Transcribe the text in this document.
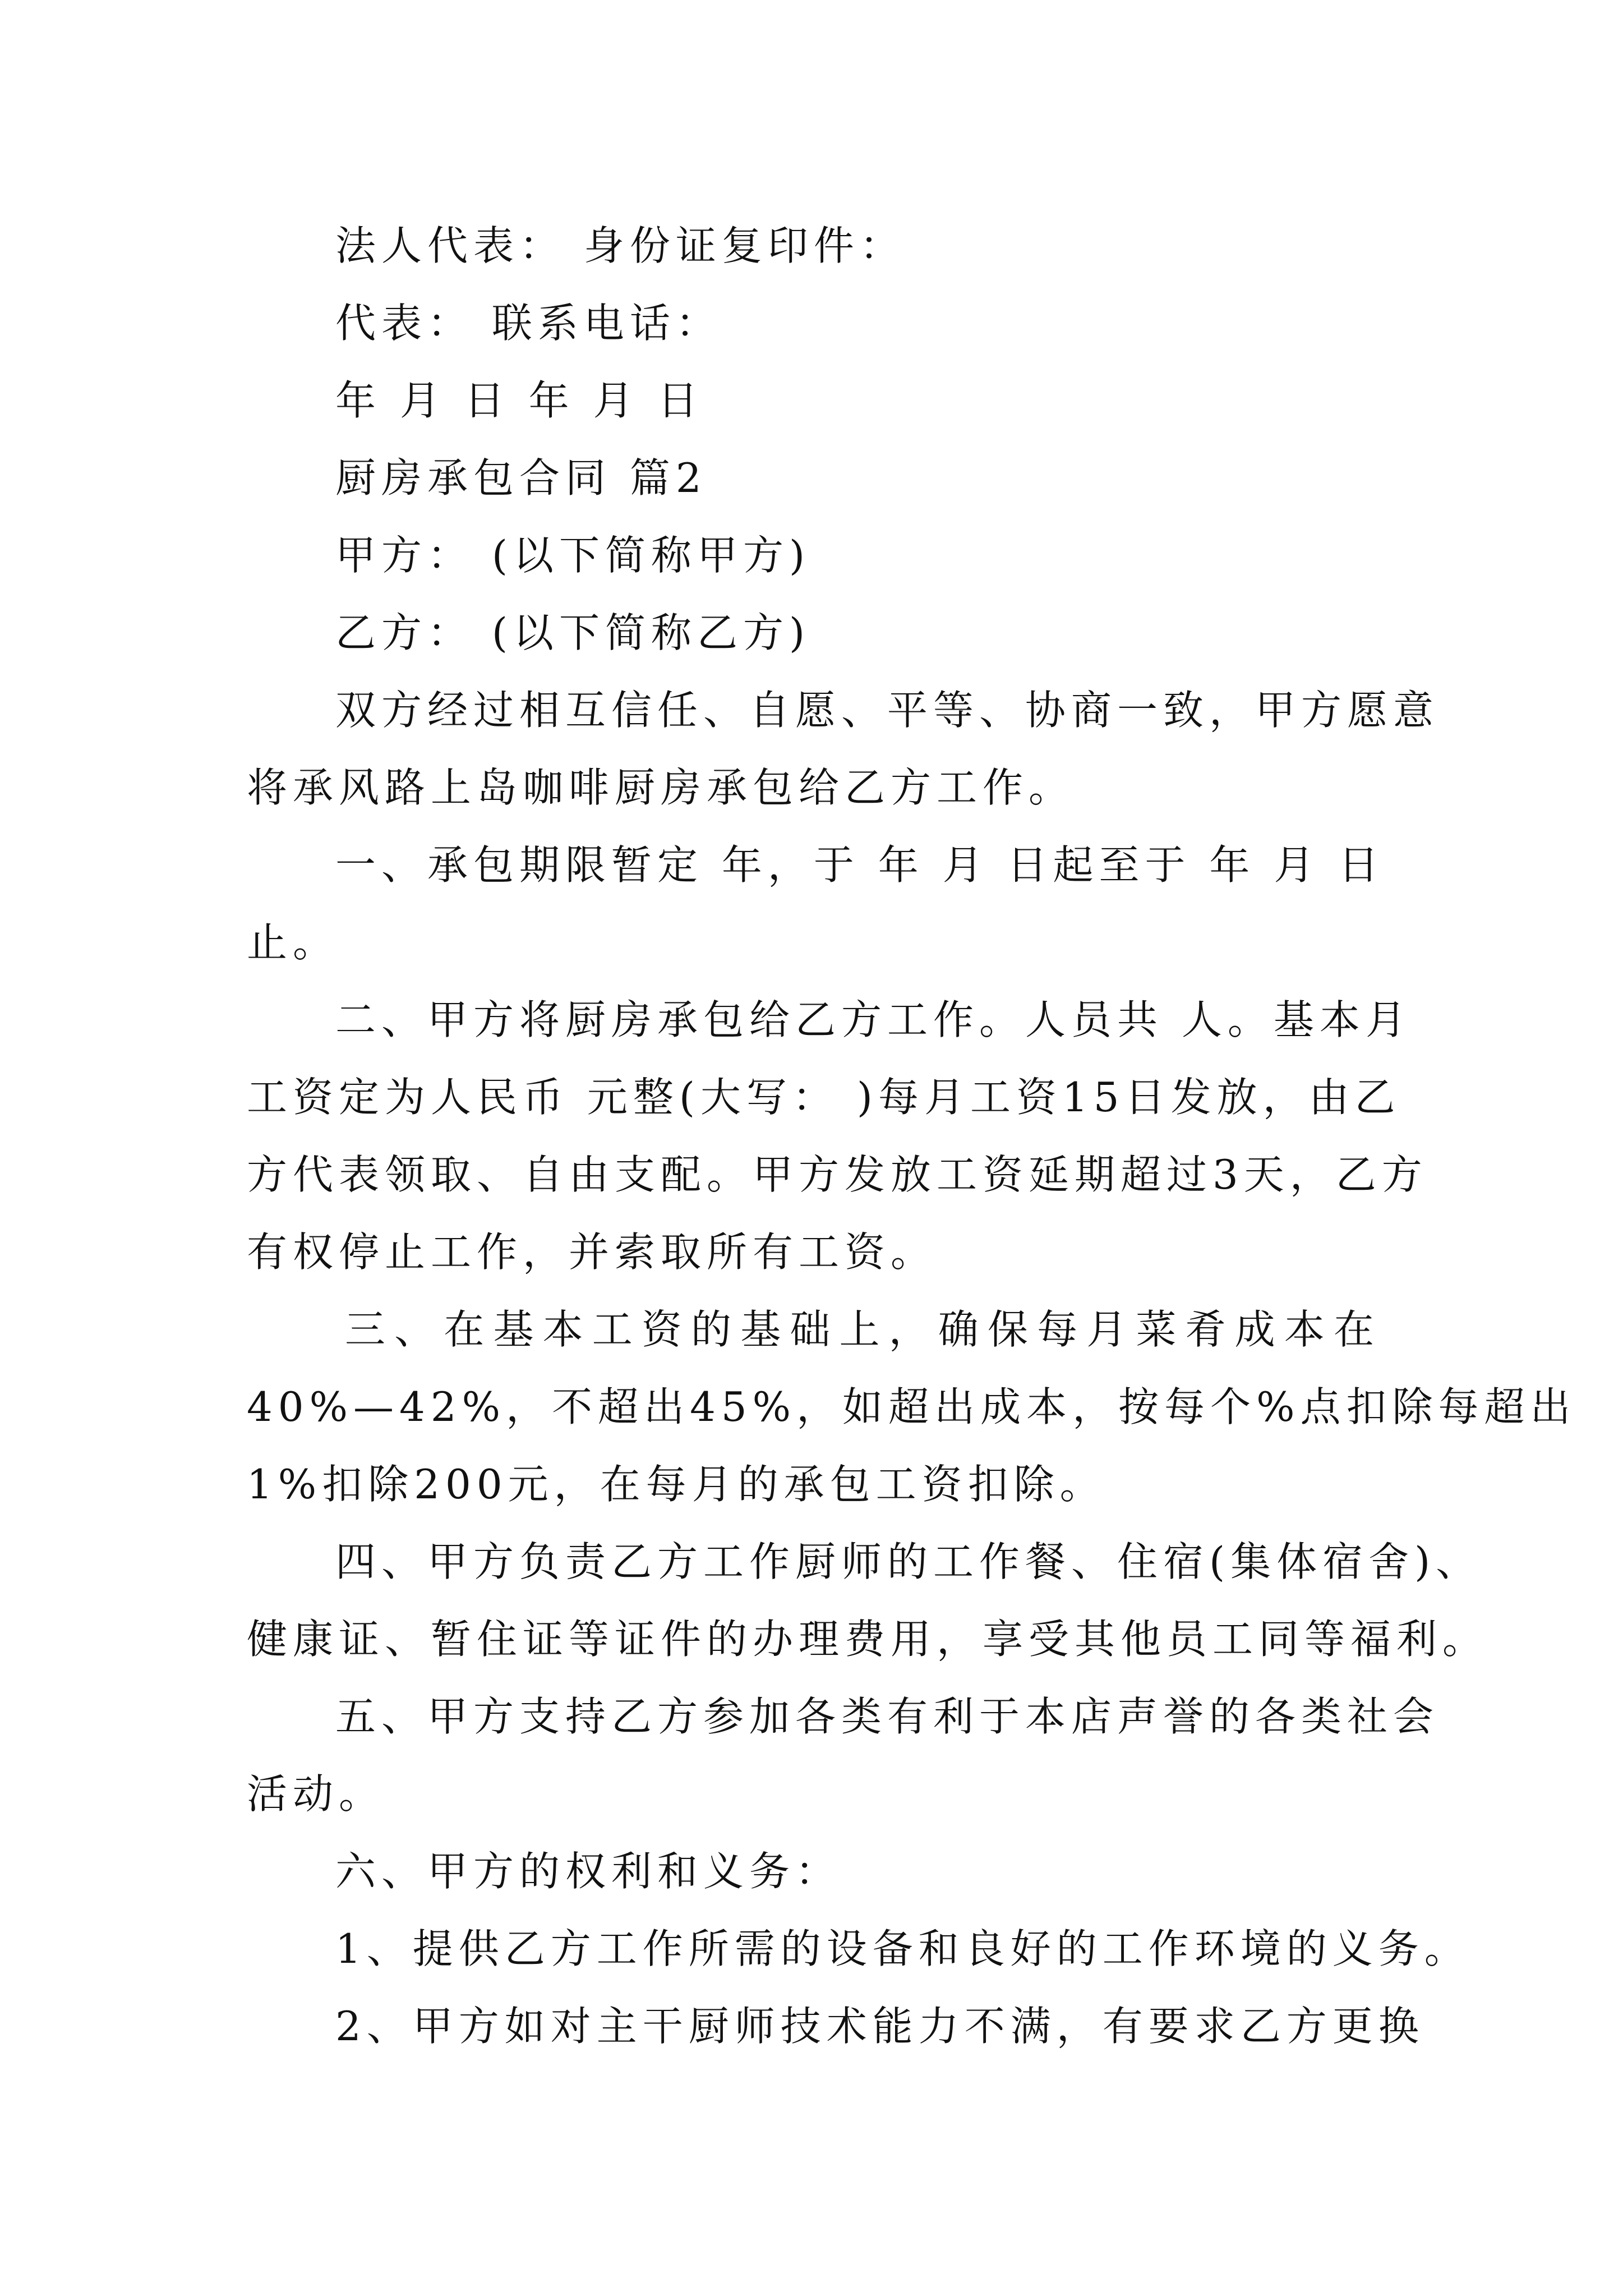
法人代表： 身份证复印件：
代表： 联系电话：
年 月 日 年 月 日
厨房承包合同 篇2
甲方： (以下简称甲方)
乙方： (以下简称乙方)
双方经过相互信任、自愿、平等、协商一致，甲方愿意
将承风路上岛咖啡厨房承包给乙方工作。
一、承包期限暂定 年，于 年 月 日起至于 年 月 日
止。
二、甲方将厨房承包给乙方工作。人员共 人。基本月
工资定为人民币 元整(大写： )每月工资15日发放，由乙
方代表领取、自由支配。甲方发放工资延期超过3天，乙方
有权停止工作，并索取所有工资。
三、在基本工资的基础上，确保每月菜肴成本在
40%—42%，不超出45%，如超出成本，按每个%点扣除每超出
1%扣除200元，在每月的承包工资扣除。
四、甲方负责乙方工作厨师的工作餐、住宿(集体宿舍)、
健康证、暂住证等证件的办理费用，享受其他员工同等福利。
五、甲方支持乙方参加各类有利于本店声誉的各类社会
活动。
六、甲方的权利和义务：
1、提供乙方工作所需的设备和良好的工作环境的义务。
2、甲方如对主干厨师技术能力不满，有要求乙方更换
